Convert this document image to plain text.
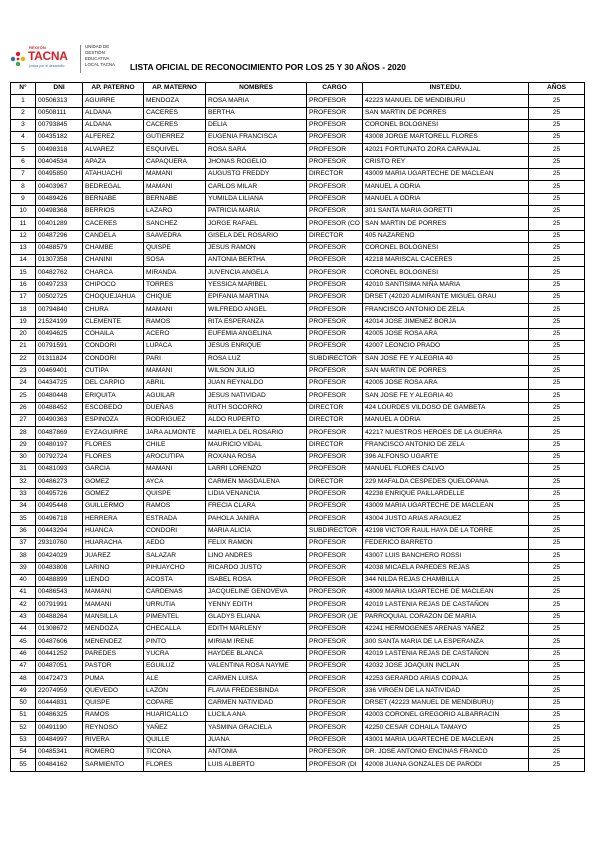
REGIÓN
TACNA
juntos por el desarrollo
UNIDAD DE
GESTIÓN
EDUCATIVA
LOCAL TACNA	LISTA OFICIAL DE RECONOCIMIENTO POR LOS 25 Y 30 AÑOS - 2020
N°	DNI	AP. PATERNO	AP. MATERNO	NOMBRES	CARGO	INST.EDU.	AÑOS
1	00506313	AGUIRRE	MENDOZA	ROSA MARIA	PROFESOR	42223 MANUEL DE MENDIBURU	25
2	00508111	ALDANA	CACERES	BERTHA	PROFESOR	SAN MARTIN DE PORRES	25
3	00793845	ALDANA	CACERES	DELIA	PROFESOR	CORONEL BOLOGNESI	25
4	00435182	ALFEREZ	GUTIERREZ	EUGENIA FRANCISCA	PROFESOR	43008 JORGE MARTORELL FLORES	25
5	00498318	ALVAREZ	ESQUIVEL	ROSA SARA	PROFESOR	42021 FORTUNATO ZORA CARVAJAL	25
6	00404534	APAZA	CAPAQUERA	JHONAS ROGELIO	PROFESOR	CRISTO REY	25
7	00495850	ATAHUACHI	MAMANI	AUGUSTO FREDDY	DIRECTOR	43009 MARIA UGARTECHE DE MACLEAN	25
8	00403967	BEDREGAL	MAMANI	CARLOS MILAR	PROFESOR	MANUEL A ODRIA	25
9	00489426	BERNABE	BERNABE	YUMILDA LILIANA	PROFESOR	MANUEL A ODRIA	25
10	00498368	BERRIOS	LAZARO	PATRICIA MARIA	PROFESOR	301 SANTA MARIA GORETTI	25
11	00401289	CACERES	SANCHEZ	JORGE RAFAEL	PROFESOR (CO	SAN MARTIN DE PORRES	25
12	00487296	CANDELA	SAAVEDRA	GISELA DEL ROSARIO	DIRECTOR	405 NAZARENO	25
13	00488579	CHAMBE	QUISPE	JESUS RAMON	PROFESOR	CORONEL BOLOGNESI	25
14	01307358	CHANINI	SOSA	ANTONIA BERTHA	PROFESOR	42218 MARISCAL CACERES	25
15	00482762	CHARCA	MIRANDA	JUVENCIA ANGELA	PROFESOR	CORONEL BOLOGNESI	25
16	00497233	CHIPOCO	TORRES	YESSICA MARIBEL	PROFESOR	42010 SANTISIMA NIÑA MARIA	25
17	00502725	CHOQUEJAHUA	CHIQUE	EPIFANIA MARTINA	PROFESOR	DRSET (42020 ALMIRANTE MIGUEL GRAU	25
18	00794840	CHURA	MAMANI	WILFREDO ANGEL	PROFESOR	FRANCISCO ANTONIO DE ZELA	25
19	21524199	CLEMENTE	RAMOS	RITA ESPERANZA	PROFESOR	42014 JOSE JIMENEZ BORJA	25
20	00494625	COHAILA	ACERO	EUFEMIA ANGELINA	PROFESOR	42005 JOSE ROSA ARA	25
21	00791591	CONDORI	LUPACA	JESUS ENRIQUE	PROFESOR	42007 LEONCIO PRADO	25
22	01311824	CONDORI	PARI	ROSA LUZ	SUBDIRECTOR	SAN JOSE FE Y ALEGRIA 40	25
23	00469401	CUTIPA	MAMANI	WILSON JULIO	PROFESOR	SAN MARTIN DE PORRES	25
24	04434725	DEL CARPIO	ABRIL	JUAN REYNALDO	PROFESOR	42005 JOSE ROSA ARA	25
25	00480448	ERIQUITA	AGUILAR	JESUS NATIVIDAD	PROFESOR	SAN JOSE FE Y ALEGRIA 40	25
26	00488452	ESCOBEDO	DUEÑAS	RUTH SOCORRO	DIRECTOR	424 LOURDES VILDOSO DE GAMBETA	25
27	00490363	ESPINOZA	RODRIGUEZ	ALDO RUPERTO	DIRECTOR	MANUEL A ODRIA	25
28	00487869	EYZAGUIRRE	JARA ALMONTE	MARIELA DEL ROSARIO	PROFESOR	42217 NUESTROS HEROES DE LA GUERRA	25
29	00480197	FLORES	CHILE	MAURICIO VIDAL	DIRECTOR	FRANCISCO ANTONIO DE ZELA	25
30	00792724	FLORES	AROCUTIPA	ROXANA ROSA	PROFESOR	396 ALFONSO UGARTE	25
31	00481093	GARCIA	MAMANI	LARRI LORENZO	PROFESOR	MANUEL FLORES CALVO	25
32	00486273	GOMEZ	AYCA	CARMEN MAGDALENA	DIRECTOR	229 MAFALDA CESPEDES QUELOPANA	25
33	00495726	GOMEZ	QUISPE	LIDIA VENANCIA	PROFESOR	42238 ENRIQUE PAILLARDELLE	25
34	00495448	GUILLERMO	RAMOS	FRECIA CLARA	PROFESOR	43009 MARIA UGARTECHE DE MACLEAN	25
35	00496718	HERRERA	ESTRADA	PAHOLA JANIRA	PROFESOR	43004 JUSTO ARIAS ARAGUEZ	25
36	00443294	HUANCA	CONDORI	MARIA ALICIA	SUBDIRECTOR	42198 VICTOR RAUL HAYA DE LA TORRE	25
37	29310760	HUARACHA	AEDO	FELIX RAMON	PROFESOR	FEDERICO BARRETO	25
38	00424029	JUAREZ	SALAZAR	LINO ANDRES	PROFESOR	43007 LUIS BANCHERO ROSSI	25
39	00483808	LARINO	PIHUAYCHO	RICARDO JUSTO	PROFESOR	42038 MICAELA PAREDES REJAS	25
40	00488899	LIENDO	ACOSTA	ISABEL ROSA	PROFESOR	344 NILDA REJAS CHAMBILLA	25
41	00486543	MAMANI	CARDENAS	JACQUELINE GENOVEVA	PROFESOR	43009 MARIA UGARTECHE DE MACLEAN	25
42	00791991	MAMANI	URRUTIA	YENNY EDITH	PROFESOR	42019 LASTENIA REJAS DE CASTAÑON	25
43	00488264	MANSILLA	PIMENTEL	GLADYS ELIANA	PROFESOR (JE	PARROQUIAL CORAZON DE MARIA	25
44	01308672	MENDOZA	CHECALLA	EDITH MARLENY	PROFESOR	42241 HERMOGENES ARENAS YAÑEZ	25
45	00487606	MENENDEZ	PINTO	MIRIAM IRENE	PROFESOR	300 SANTA MARIA DE LA ESPERANZA	25
46	00441252	PAREDES	YUCRA	HAYDEE BLANCA	PROFESOR	42019 LASTENIA REJAS DE CASTAÑON	25
47	00487051	PASTOR	EGUILUZ	VALENTINA ROSA NAYME	PROFESOR	42032 JOSE JOAQUIN INCLAN	25
48	00472473	PUMA	ALE	CARMEN LUISA	PROFESOR	42253 GERARDO ARIAS COPAJA	25
49	22074959	QUEVEDO	LAZON	FLAVIA FREDESBINDA	PROFESOR	336 VIRGEN DE LA NATIVIDAD	25
50	00444831	QUISPE	COPARE	CARMEN NATIVIDAD	PROFESOR	DRSET (42223 MANUEL DE MENDIBURU)	25
51	00486325	RAMOS	HUARICALLO	LUCILA ANA	PROFESOR	42003 CORONEL GREGORIO ALBARRACIN	25
52	00491190	REYNOSO	YAÑEZ	YASMINA GRACIELA	PROFESOR	42250 CESAR COHAILA TAMAYO	25
53	00484997	RIVERA	QUILLE	JUANA	PROFESOR	43001 MARIA UGARTECHE DE MACLEAN	25
54	00485341	ROMERO	TICONA	ANTONIA	PROFESOR	DR. JOSE ANTONIO ENCINAS FRANCO	25
55	00484162	SARMIENTO	FLORES	LUIS ALBERTO	PROFESOR (DI	42008 JUANA GONZALES DE PARODI	25
